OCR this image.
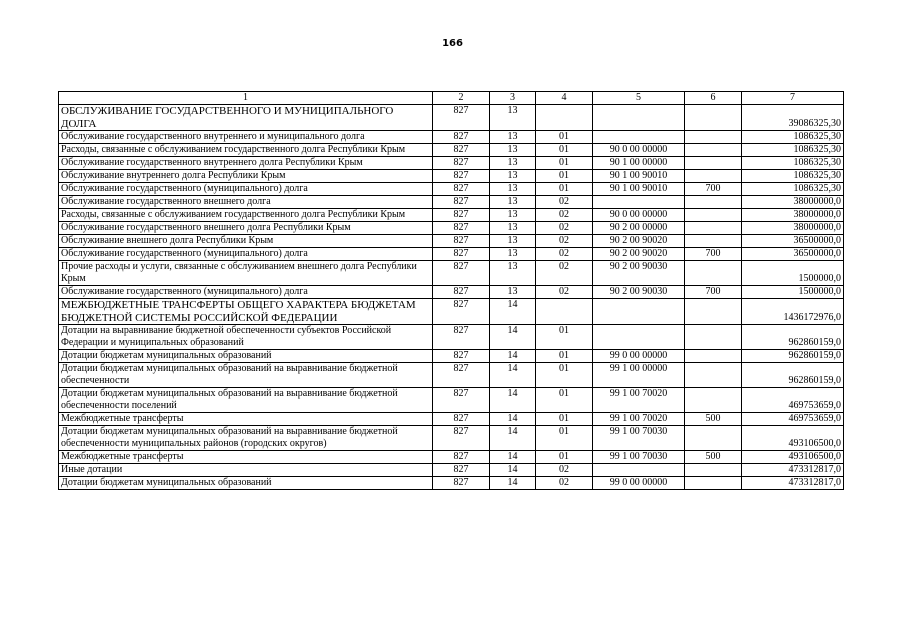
166
1	2	3	4	5	6	7
ОБСЛУЖИВАНИЕ ГОСУДАРСТВЕННОГО И МУНИЦИПАЛЬНОГО ДОЛГА	827	13				39086325,30
Обслуживание государственного внутреннего и муниципального долга	827	13	01			1086325,30
Расходы, связанные с обслуживанием государственного долга Республики Крым	827	13	01	90 0 00 00000		1086325,30
Обслуживание государственного внутреннего долга Республики Крым	827	13	01	90 1 00 00000		1086325,30
Обслуживание внутреннего долга Республики Крым	827	13	01	90 1 00 90010		1086325,30
Обслуживание государственного (муниципального) долга	827	13	01	90 1 00 90010	700	1086325,30
Обслуживание государственного внешнего долга	827	13	02			38000000,0
Расходы, связанные с обслуживанием государственного долга Республики Крым	827	13	02	90 0 00 00000		38000000,0
Обслуживание государственного внешнего долга Республики Крым	827	13	02	90 2 00 00000		38000000,0
Обслуживание внешнего долга Республики Крым	827	13	02	90 2 00 90020		36500000,0
Обслуживание государственного (муниципального) долга	827	13	02	90 2 00 90020	700	36500000,0
Прочие расходы и услуги, связанные с обслуживанием внешнего долга Республики Крым	827	13	02	90 2 00 90030		1500000,0
Обслуживание государственного (муниципального) долга	827	13	02	90 2 00 90030	700	1500000,0
МЕЖБЮДЖЕТНЫЕ ТРАНСФЕРТЫ ОБЩЕГО ХАРАКТЕРА БЮДЖЕТАМ БЮДЖЕТНОЙ СИСТЕМЫ РОССИЙСКОЙ ФЕДЕРАЦИИ	827	14				1436172976,0
Дотации на выравнивание бюджетной обеспеченности субъектов Российской Федерации и муниципальных образований	827	14	01			962860159,0
Дотации бюджетам муниципальных образований	827	14	01	99 0 00 00000		962860159,0
Дотации бюджетам муниципальных образований на выравнивание бюджетной обеспеченности	827	14	01	99 1 00 00000		962860159,0
Дотации бюджетам муниципальных образований на выравнивание бюджетной обеспеченности поселений	827	14	01	99 1 00 70020		469753659,0
Межбюджетные трансферты	827	14	01	99 1 00 70020	500	469753659,0
Дотации бюджетам муниципальных образований на выравнивание бюджетной обеспеченности муниципальных районов (городских округов)	827	14	01	99 1 00 70030		493106500,0
Межбюджетные трансферты	827	14	01	99 1 00 70030	500	493106500,0
Иные дотации	827	14	02			473312817,0
Дотации бюджетам муниципальных образований	827	14	02	99 0 00 00000		473312817,0
